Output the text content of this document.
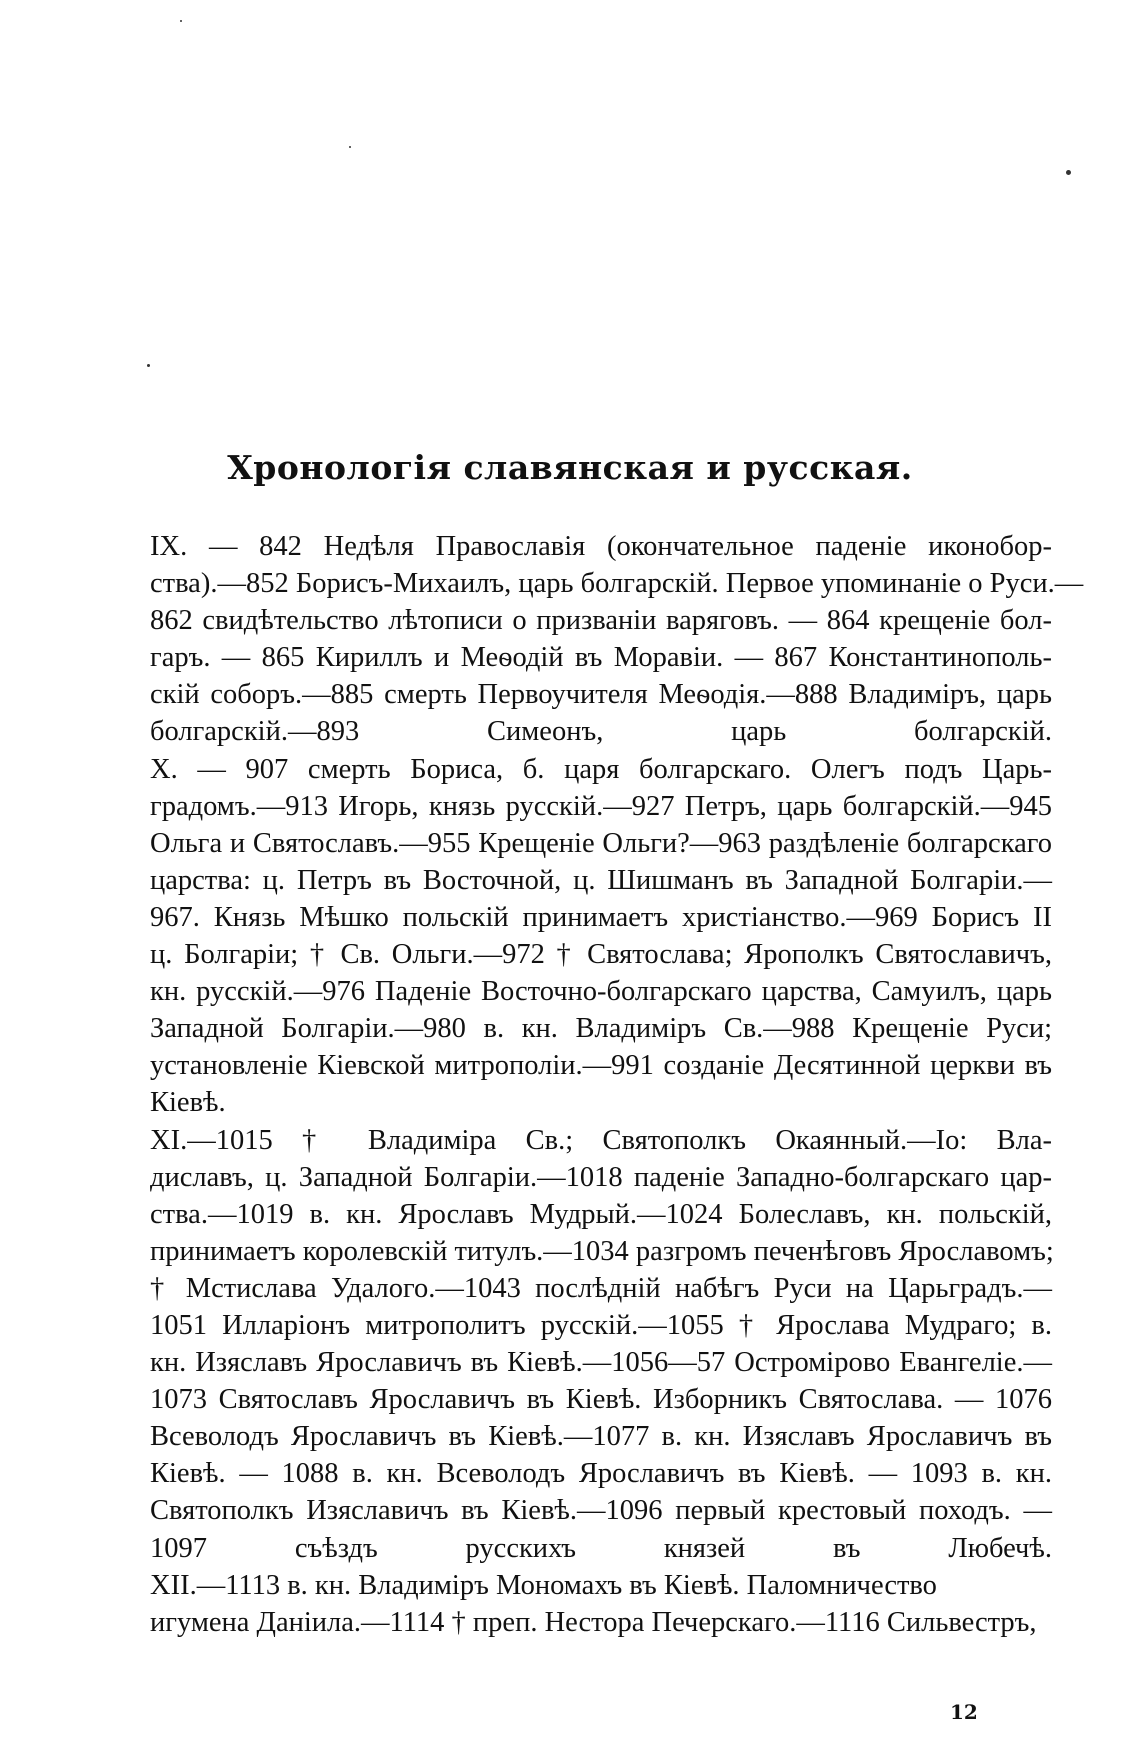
Хронологія славянская и русская.

IX. — 842 Недѣля Православія (окончательное паденіе иконобор-
ства).—852 Борисъ-Михаилъ, царь болгарскій. Первое упоминаніе о Руси.—
862 свидѣтельство лѣтописи о призваніи варяговъ. — 864 крещеніе бол-
гаръ. — 865 Кириллъ и Меѳодій въ Моравіи. — 867 Константинополь-
скій соборъ.—885 смерть Первоучителя Меѳодія.—888 Владиміръ, царь
болгарскій.—893 Симеонъ, царь болгарскій.

X. — 907 смерть Бориса, б. царя болгарскаго. Олегъ подъ Царь-
градомъ.—913 Игорь, князь русскій.—927 Петръ, царь болгарскій.—945
Ольга и Святославъ.—955 Крещеніе Ольги?—963 раздѣленіе болгарскаго
царства: ц. Петръ въ Восточной, ц. Шишманъ въ Западной Болгаріи.—
967. Князь Мѣшко польскій принимаетъ христіанство.—969 Борисъ II
ц. Болгаріи; † Св. Ольги.—972 † Святослава; Ярополкъ Святославичъ,
кн. русскій.—976 Паденіе Восточно-болгарскаго царства, Самуилъ, царь
Западной Болгаріи.—980 в. кн. Владиміръ Св.—988 Крещеніе Руси;
установленіе Кіевской митрополіи.—991 созданіе Десятинной церкви въ
Кіевѣ.

XI.—1015 † Владиміра Св.; Святополкъ Окаянный.—Іо: Вла-
диславъ, ц. Западной Болгаріи.—1018 паденіе Западно-болгарскаго цар-
ства.—1019 в. кн. Ярославъ Мудрый.—1024 Болеславъ, кн. польскій,
принимаетъ королевскій титулъ.—1034 разгромъ печенѣговъ Ярославомъ;
† Мстислава Удалого.—1043 послѣдній набѣгъ Руси на Царьградъ.—
1051 Илларіонъ митрополитъ русскій.—1055 † Ярослава Мудраго; в.
кн. Изяславъ Ярославичъ въ Кіевѣ.—1056—57 Остромірово Евангеліе.—
1073 Святославъ Ярославичъ въ Кіевѣ. Изборникъ Святослава. — 1076
Всеволодъ Ярославичъ въ Кіевѣ.—1077 в. кн. Изяславъ Ярославичъ въ
Кіевѣ. — 1088 в. кн. Всеволодъ Ярославичъ въ Кіевѣ. — 1093 в. кн.
Святополкъ Изяславичъ въ Кіевѣ.—1096 первый крестовый походъ. —
1097 съѣздъ русскихъ князей въ Любечѣ.

XII.—1113 в. кн. Владиміръ Мономахъ въ Кіевѣ. Паломничество
игумена Даніила.—1114 † преп. Нестора Печерскаго.—1116 Сильвестръ,

12
